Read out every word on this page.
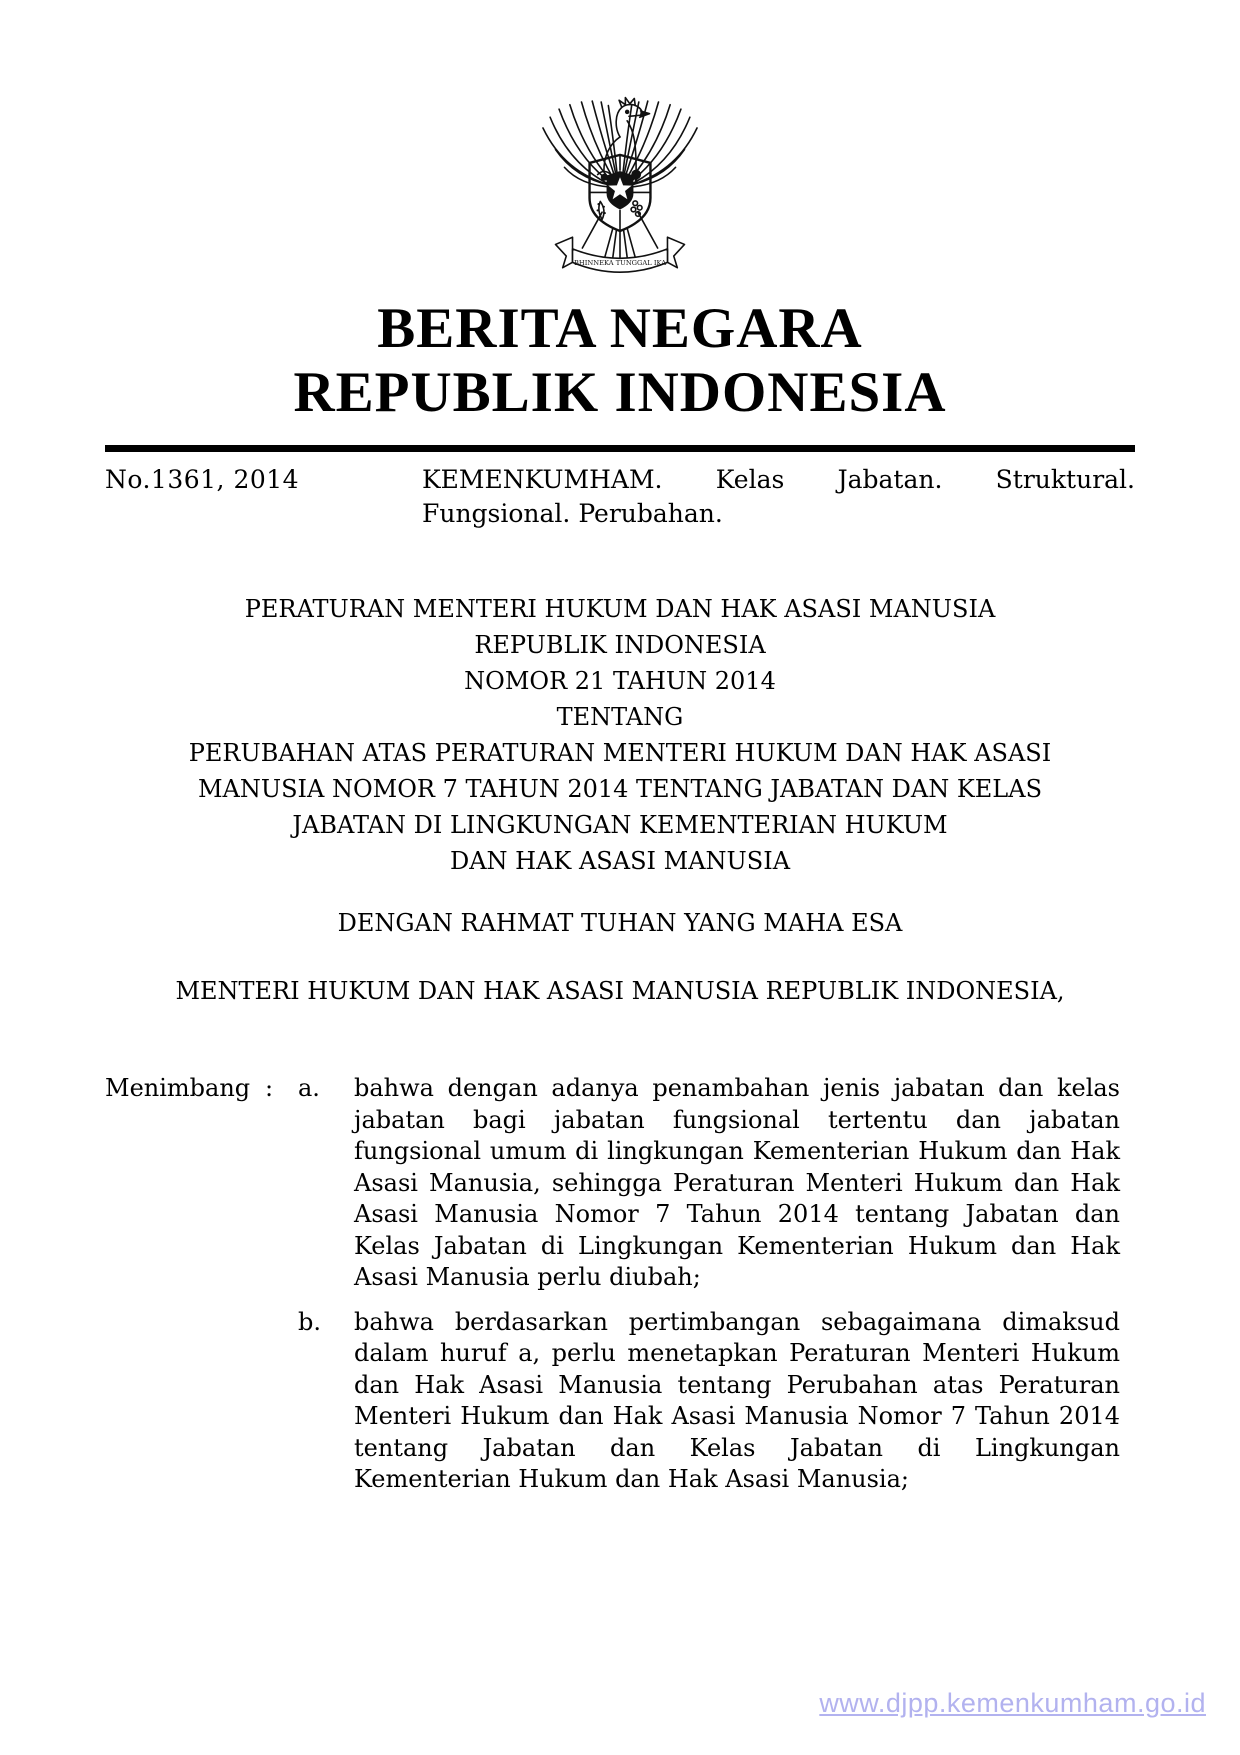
BHINNEKA TUNGGAL IKA
BERITA NEGARA
REPUBLIK INDONESIA
No.1361, 2014	KEMENKUMHAM. Kelas Jabatan. Struktural.
Fungsional. Perubahan.
PERATURAN MENTERI HUKUM DAN HAK ASASI MANUSIA
REPUBLIK INDONESIA
NOMOR 21 TAHUN 2014
TENTANG
PERUBAHAN ATAS PERATURAN MENTERI HUKUM DAN HAK ASASI
MANUSIA NOMOR 7 TAHUN 2014 TENTANG JABATAN DAN KELAS
JABATAN DI LINGKUNGAN KEMENTERIAN HUKUM
DAN HAK ASASI MANUSIA
DENGAN RAHMAT TUHAN YANG MAHA ESA
MENTERI HUKUM DAN HAK ASASI MANUSIA REPUBLIK INDONESIA,
Menimbang :	a.	bahwa dengan adanya penambahan jenis jabatan dan kelas jabatan bagi jabatan fungsional tertentu dan jabatan fungsional umum di lingkungan Kementerian Hukum dan Hak Asasi Manusia, sehingga Peraturan Menteri Hukum dan Hak Asasi Manusia Nomor 7 Tahun 2014 tentang Jabatan dan Kelas Jabatan di Lingkungan Kementerian Hukum dan Hak Asasi Manusia perlu diubah;
b.	bahwa berdasarkan pertimbangan sebagaimana dimaksud dalam huruf a, perlu menetapkan Peraturan Menteri Hukum dan Hak Asasi Manusia tentang Perubahan atas Peraturan Menteri Hukum dan Hak Asasi Manusia Nomor 7 Tahun 2014 tentang Jabatan dan Kelas Jabatan di Lingkungan Kementerian Hukum dan Hak Asasi Manusia;
www.djpp.kemenkumham.go.id
